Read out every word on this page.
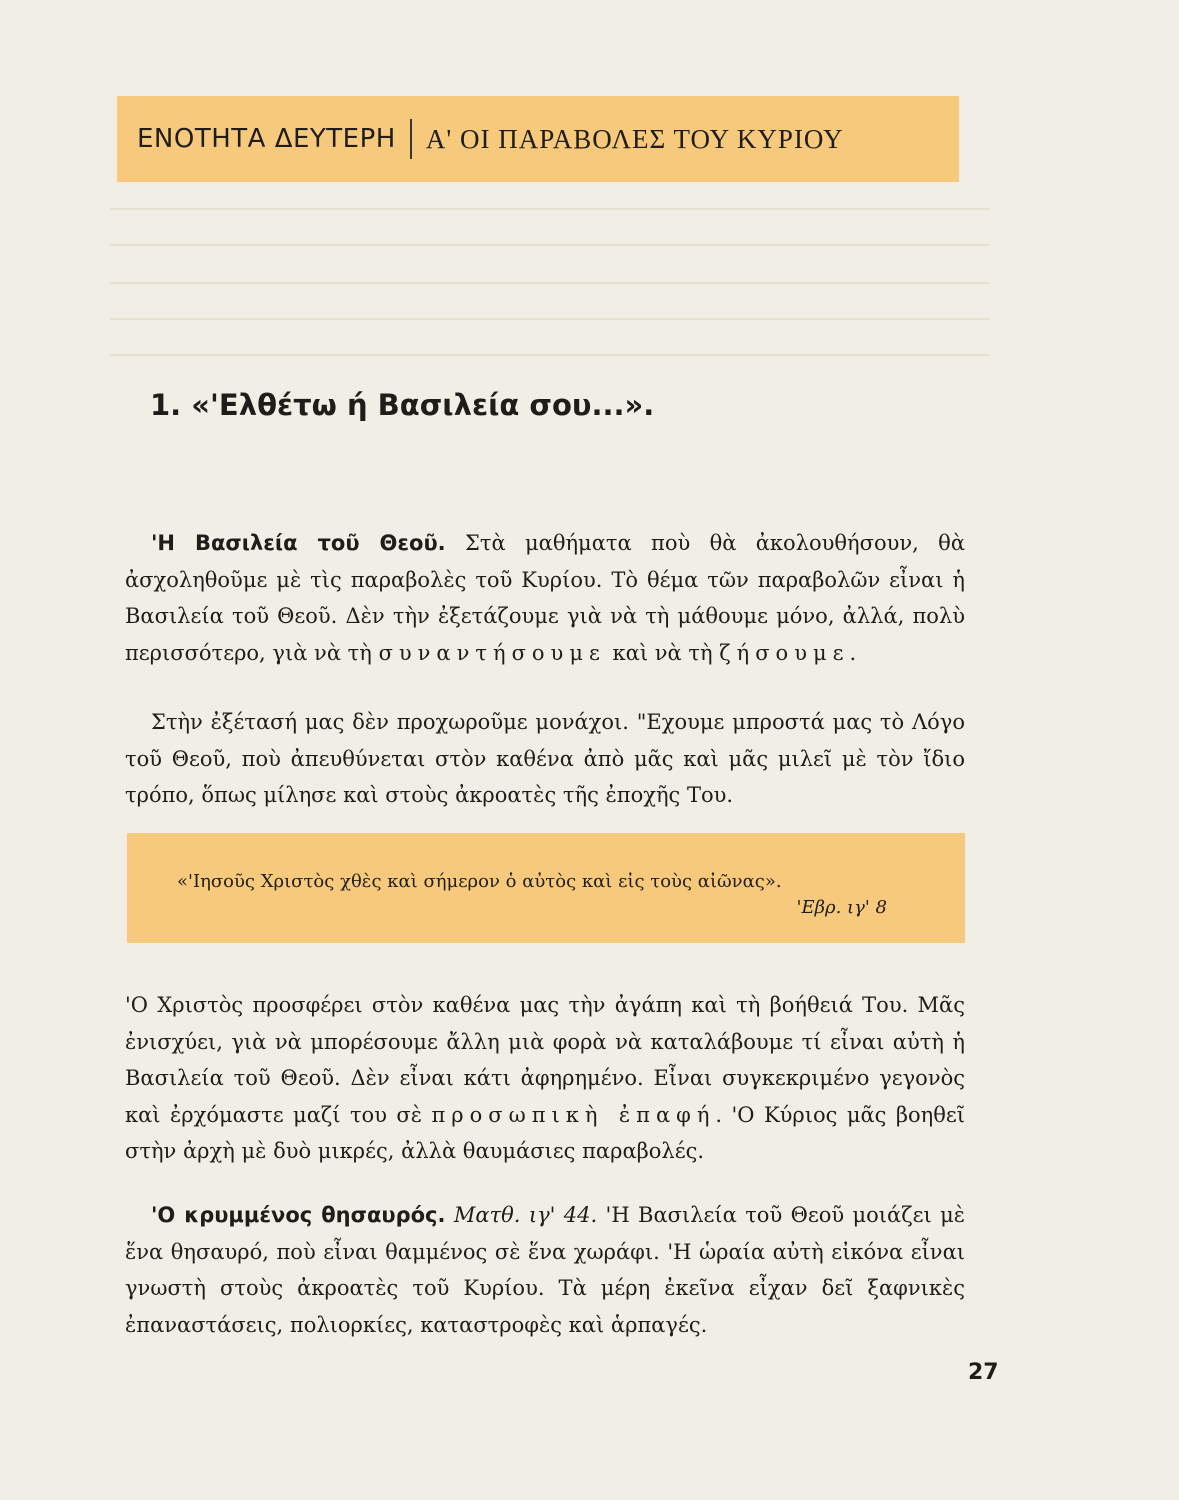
ΕΝΟΤΗΤΑ ΔΕΥΤΕΡΗ	Α' ΟΙ ΠΑΡΑΒΟΛΕΣ ΤΟΥ ΚΥΡΙΟΥ
1. «'Ελθέτω ή Βασιλεία σου...».
'Η Βασιλεία τοῦ Θεοῦ. Στὰ μαθήματα ποὺ θὰ ἀκολουθήσουν, θὰ ἀσχοληθοῦμε μὲ τὶς παραβολὲς τοῦ Κυρίου. Τὸ θέμα τῶν παραβολῶν εἶναι ἡ Βασιλεία τοῦ Θεοῦ. Δὲν τὴν ἐξετάζουμε γιὰ νὰ τὴ μάθουμε μόνο, ἀλλά, πολὺ περισσότερο, γιὰ νὰ τὴ συναντήσουμε καὶ νὰ τὴ ζήσουμε.
Στὴν ἐξέτασή μας δὲν προχωροῦμε μονάχοι. "Εχουμε μπροστά μας τὸ Λόγο τοῦ Θεοῦ, ποὺ ἀπευθύνεται στὸν καθένα ἀπὸ μᾶς καὶ μᾶς μιλεῖ μὲ τὸν ἴδιο τρόπο, ὅπως μίλησε καὶ στοὺς ἀκροατὲς τῆς ἐποχῆς Του.
«'Ιησοῦς Χριστὸς χθὲς καὶ σήμερον ὁ αὐτὸς καὶ εἰς τοὺς αἰῶνας».
'Εβρ. ιγ' 8
'Ο Χριστὸς προσφέρει στὸν καθένα μας τὴν ἀγάπη καὶ τὴ βοήθειά Του. Μᾶς ἐνισχύει, γιὰ νὰ μπορέσουμε ἄλλη μιὰ φορὰ νὰ καταλάβουμε τί εἶναι αὐτὴ ἡ Βασιλεία τοῦ Θεοῦ. Δὲν εἶναι κάτι ἀφηρημένο. Εἶναι συγκεκριμένο γεγονὸς καὶ ἐρχόμαστε μαζί του σὲ προσωπικὴ ἐπαφή. 'Ο Κύριος μᾶς βοηθεῖ στὴν ἀρχὴ μὲ δυὸ μικρές, ἀλλὰ θαυμάσιες παραβολές.
'Ο κρυμμένος θησαυρός. Ματθ. ιγ' 44. 'Η Βασιλεία τοῦ Θεοῦ μοιάζει μὲ ἕνα θησαυρό, ποὺ εἶναι θαμμένος σὲ ἕνα χωράφι. 'Η ὡραία αὐτὴ εἰκόνα εἶναι γνωστὴ στοὺς ἀκροατὲς τοῦ Κυρίου. Τὰ μέρη ἐκεῖνα εἶχαν δεῖ ξαφνικὲς ἐπαναστάσεις, πολιορκίες, καταστροφὲς καὶ ἁρπαγές.
27
